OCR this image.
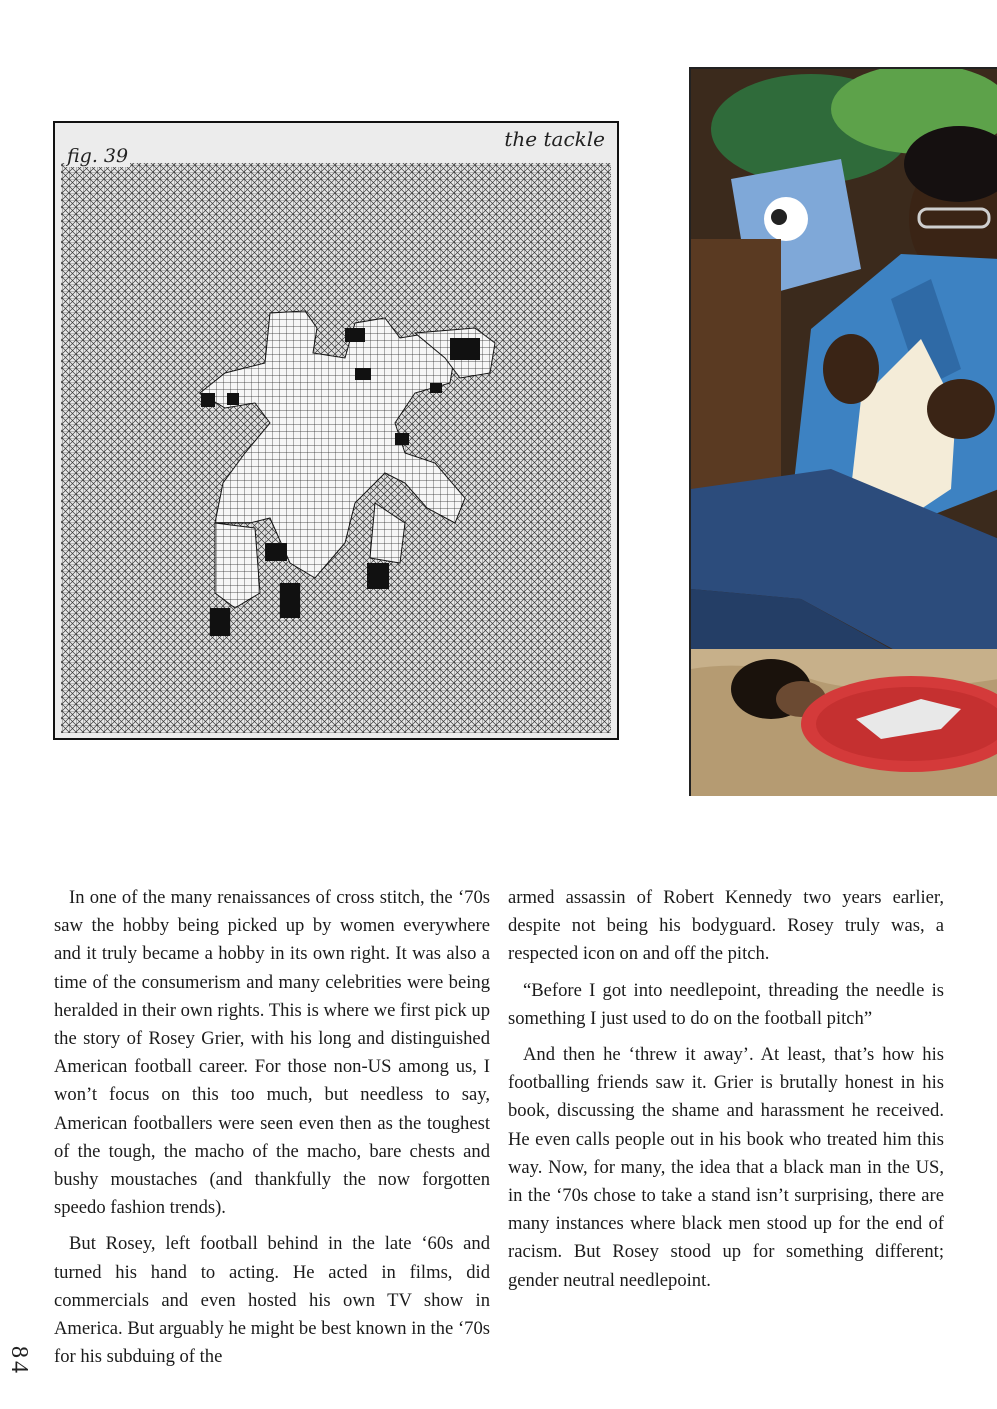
fig. 39
the tackle

In one of the many renaissances of cross stitch, the ‘70s saw the hobby being picked up by women everywhere and it truly became a hobby in its own right. It was also a time of the consumerism and many celebrities were being heralded in their own rights. This is where we first pick up the story of Rosey Grier, with his long and distinguished American football career. For those non-US among us, I won’t focus on this too much, but needless to say, American footballers were seen even then as the toughest of the tough, the macho of the macho, bare chests and bushy moustaches (and thankfully the now forgotten speedo fashion trends).

But Rosey, left football behind in the late ‘60s and turned his hand to acting. He acted in films, did commercials and even hosted his own TV show in America. But arguably he might be best known in the ‘70s for his subduing of the

armed assassin of Robert Kennedy two years earlier, despite not being his bodyguard. Rosey truly was, a respected icon on and off the pitch.

“Before I got into needlepoint, threading the needle is something I just used to do on the football pitch”

And then he ‘threw it away’. At least, that’s how his footballing friends saw it. Grier is brutally honest in his book, discussing the shame and harassment he received. He even calls people out in his book who treated him this way. Now, for many, the idea that a black man in the US, in the ‘70s chose to take a stand isn’t surprising, there are many instances where black men stood up for the end of racism. But Rosey stood up for something different; gender neutral needlepoint.

84
